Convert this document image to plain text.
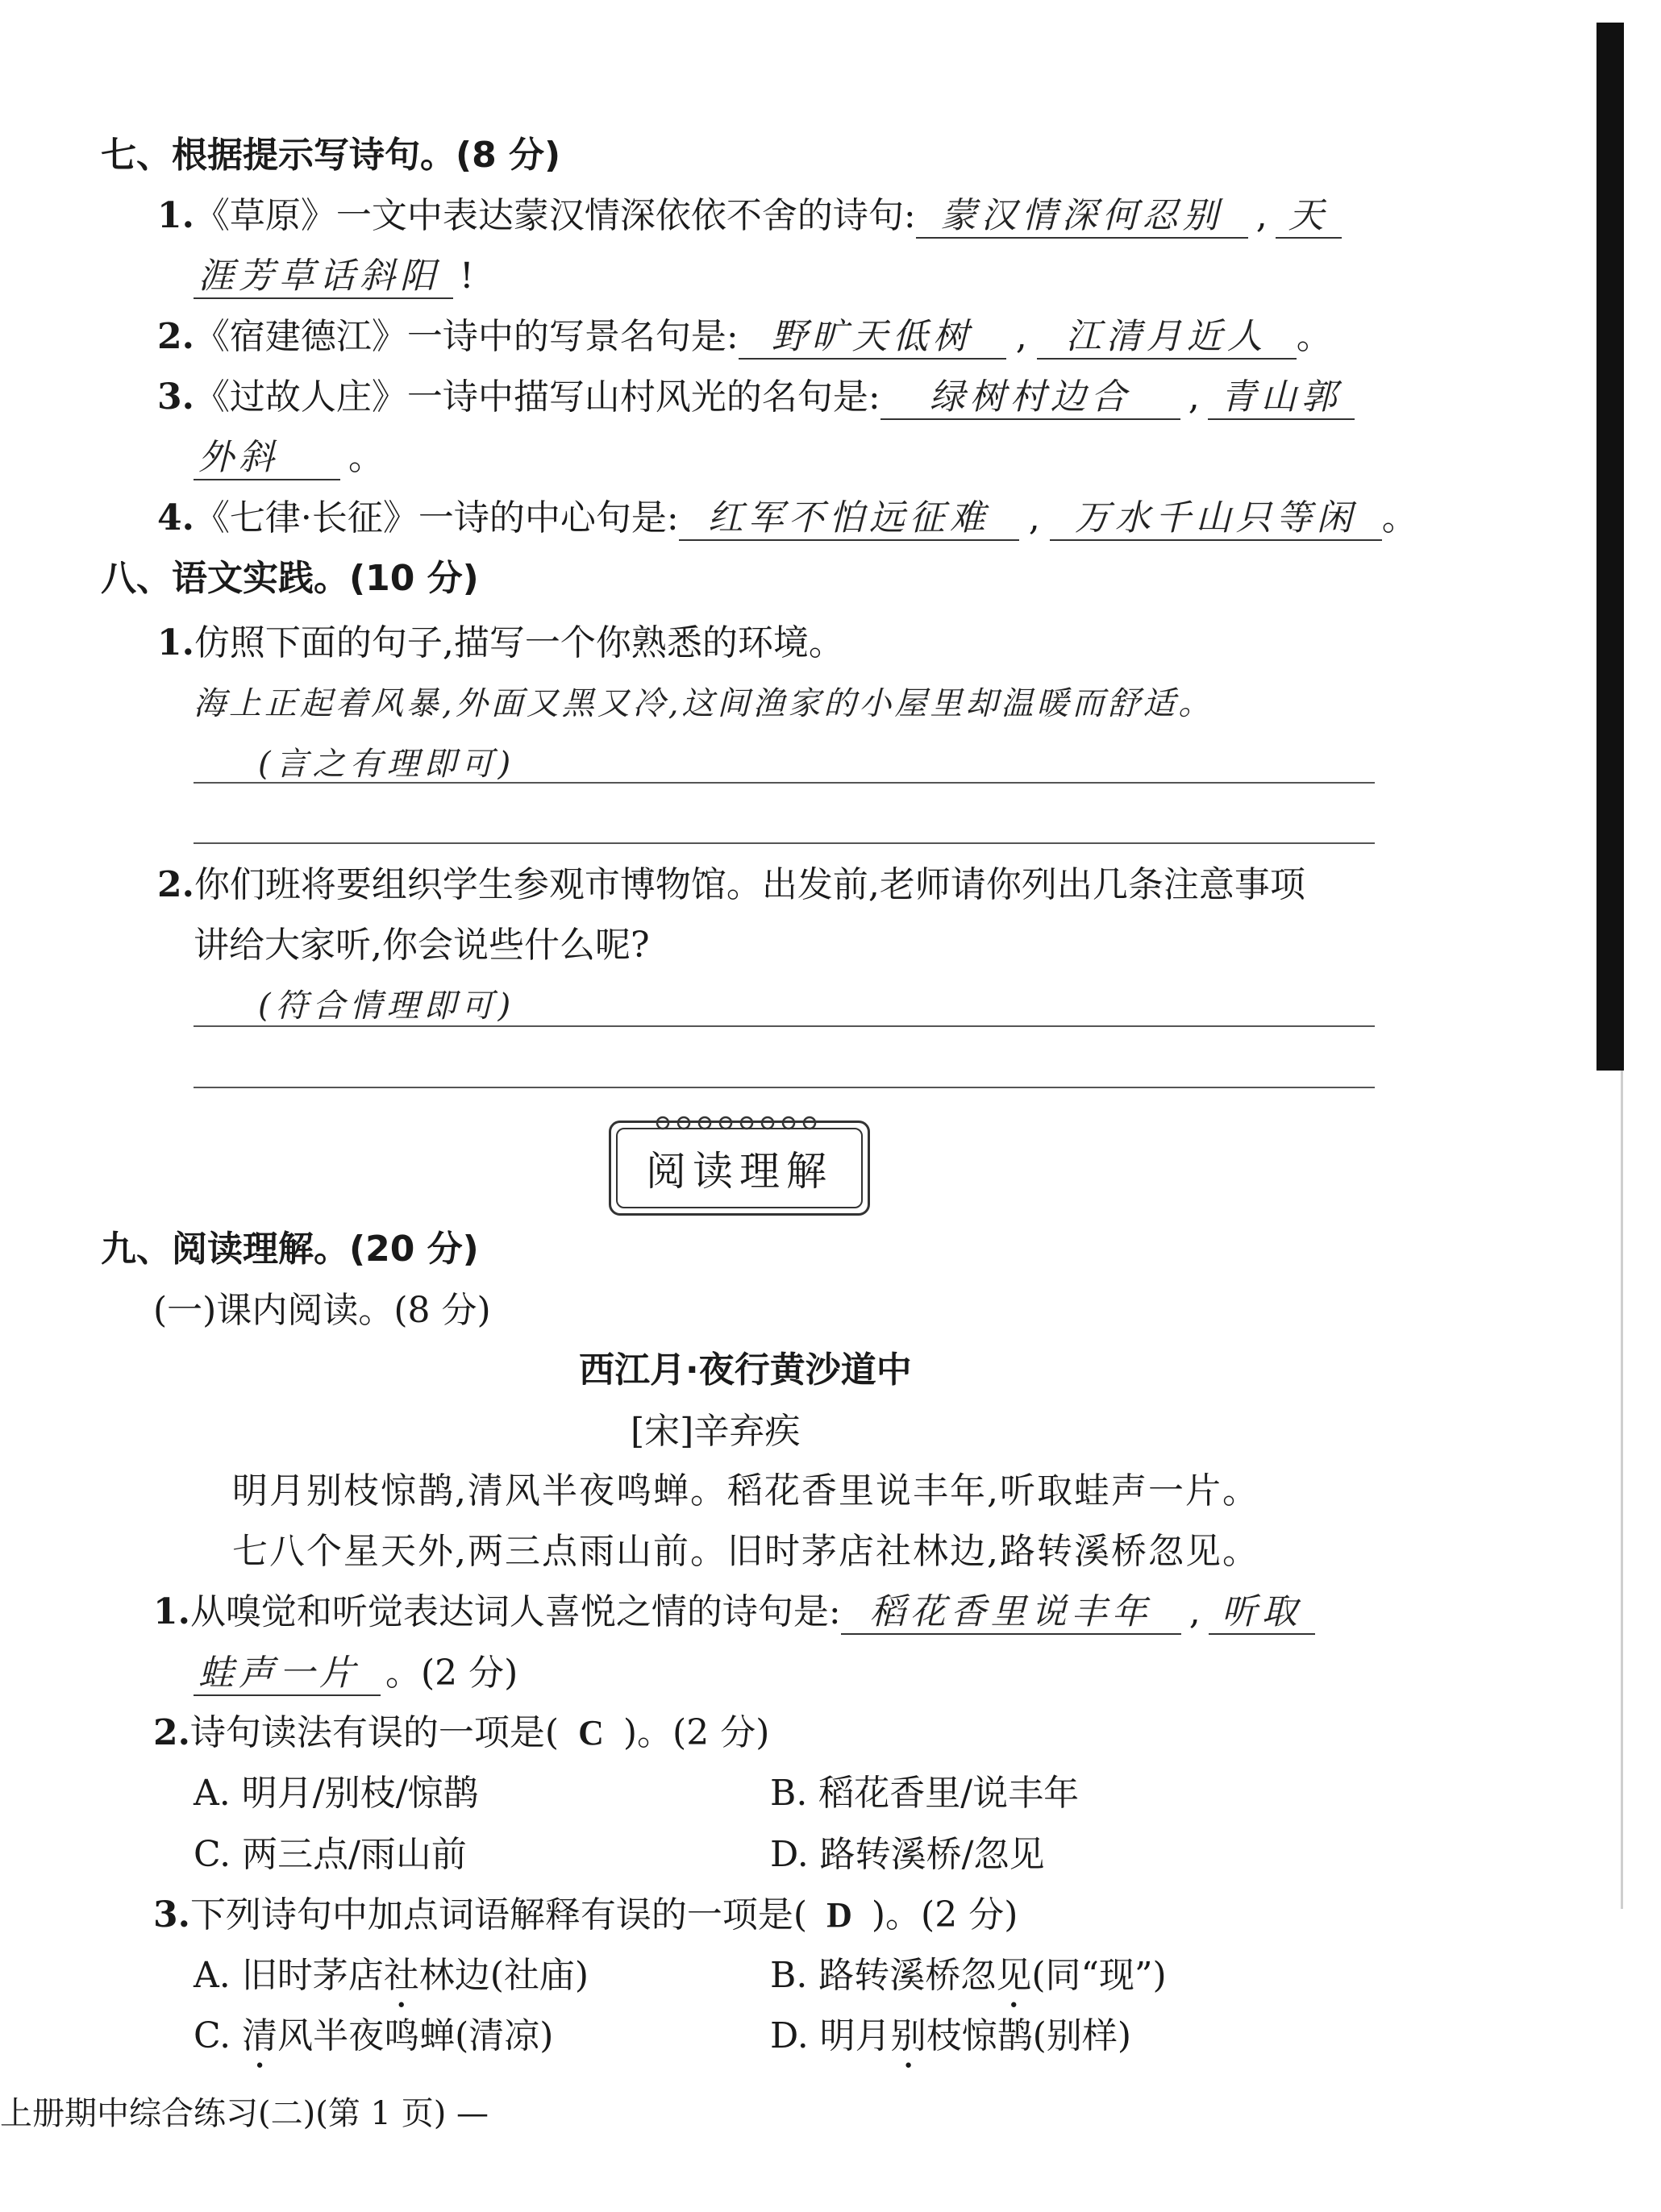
七、根据提示写诗句。(8 分)
1.《草原》一文中表达蒙汉情深依依不舍的诗句: 蒙汉情深何忍别 , 天
涯芳草话斜阳 !
2.《宿建德江》一诗中的写景名句是: 野旷天低树 , 江清月近人 。
3.《过故人庄》一诗中描写山村风光的名句是: 绿树村边合 , 青山郭
外斜 。
4.《七律·长征》一诗的中心句是: 红军不怕远征难 , 万水千山只等闲 。
八、语文实践。(10 分)
1.仿照下面的句子,描写一个你熟悉的环境。
海上正起着风暴,外面又黑又冷,这间渔家的小屋里却温暖而舒适。
(言之有理即可)
2.你们班将要组织学生参观市博物馆。出发前,老师请你列出几条注意事项
讲给大家听,你会说些什么呢?
(符合情理即可)
阅读理解
九、阅读理解。(20 分)
(一)课内阅读。(8 分)
西江月·夜行黄沙道中
[宋]辛弃疾
明月别枝惊鹊,清风半夜鸣蝉。稻花香里说丰年,听取蛙声一片。
七八个星天外,两三点雨山前。旧时茅店社林边,路转溪桥忽见。
1.从嗅觉和听觉表达词人喜悦之情的诗句是: 稻花香里说丰年 , 听取
蛙声一片 。(2 分)
2.诗句读法有误的一项是( C )。(2 分)
A. 明月/别枝/惊鹊	B. 稻花香里/说丰年
C. 两三点/雨山前	D. 路转溪桥/忽见
3.下列诗句中加点词语解释有误的一项是( D )。(2 分)
A. 旧时茅店社林边(社庙)	B. 路转溪桥忽见(同“现”)
C. 清风半夜鸣蝉(清凉)	D. 明月别枝惊鹊(别样)
上册期中综合练习(二)(第 1 页) —
